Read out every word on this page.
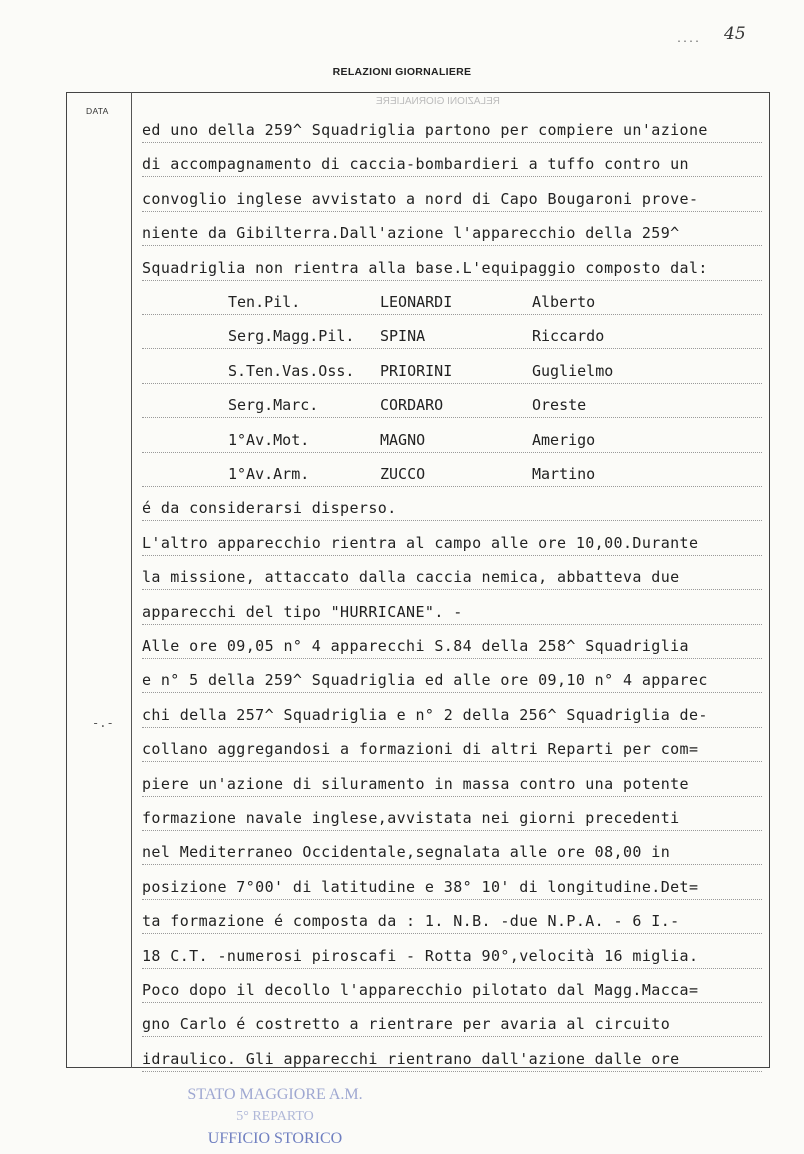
.... 45
RELAZIONI GIORNALIERE
DATA
RELAZIONI GIORNALIERE
-.-
ed uno della 259^ Squadriglia partono per compiere un'azione
di accompagnamento di caccia-bombardieri a tuffo contro un
convoglio inglese avvistato a nord di Capo Bougaroni prove-
niente da Gibilterra.Dall'azione l'apparecchio della 259^
Squadriglia non rientra alla base.L'equipaggio composto dal:
Ten.Pil.	LEONARDI	Alberto
Serg.Magg.Pil. SPINA	Riccardo
S.Ten.Vas.Oss. PRIORINI	Guglielmo
Serg.Marc.	CORDARO	Oreste
1°Av.Mot.	MAGNO	Amerigo
1°Av.Arm.	ZUCCO	Martino
é da considerarsi disperso.
L'altro apparecchio rientra al campo alle ore 10,00.Durante
la missione, attaccato dalla caccia nemica, abbatteva due
apparecchi del tipo "HURRICANE". -
Alle ore 09,05 n° 4 apparecchi S.84 della 258^ Squadriglia
e n° 5 della 259^ Squadriglia ed alle ore 09,10 n° 4 apparec
chi della 257^ Squadriglia e n° 2 della 256^ Squadriglia de-
collano aggregandosi a formazioni di altri Reparti per com=
piere un'azione di siluramento in massa contro una potente
formazione navale inglese,avvistata nei giorni precedenti
nel Mediterraneo Occidentale,segnalata alle ore 08,00 in
posizione 7°00' di latitudine e 38° 10' di longitudine.Det=
ta formazione é composta da : 1. N.B. -due N.P.A. - 6 I.-
18 C.T. -numerosi piroscafi - Rotta 90°,velocità 16 miglia.
Poco dopo il decollo l'apparecchio pilotato dal Magg.Macca=
gno Carlo é costretto a rientrare per avaria al circuito
idraulico. Gli apparecchi rientrano dall'azione dalle ore
STATO MAGGIORE A.M.
5° REPARTO
UFFICIO STORICO
